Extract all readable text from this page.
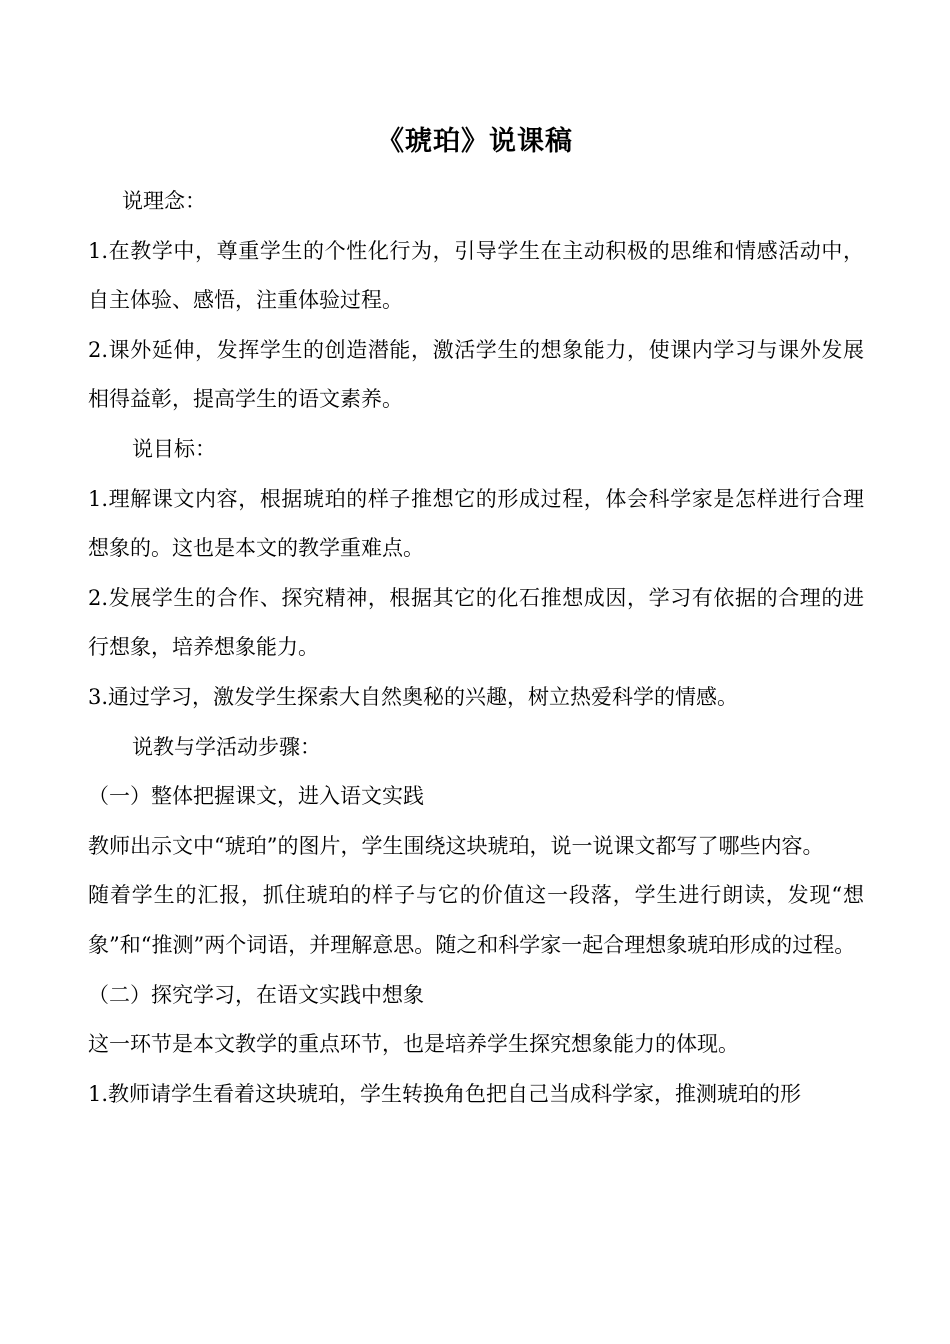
《琥珀》说课稿

说理念：

1.在教学中，尊重学生的个性化行为，引导学生在主动积极的思维和情感活动中，自主体验、感悟，注重体验过程。

2.课外延伸，发挥学生的创造潜能，激活学生的想象能力，使课内学习与课外发展相得益彰，提高学生的语文素养。

说目标：

1.理解课文内容，根据琥珀的样子推想它的形成过程，体会科学家是怎样进行合理想象的。这也是本文的教学重难点。

2.发展学生的合作、探究精神，根据其它的化石推想成因，学习有依据的合理的进行想象，培养想象能力。

3.通过学习，激发学生探索大自然奥秘的兴趣，树立热爱科学的情感。

说教与学活动步骤：

（一）整体把握课文，进入语文实践

教师出示文中“琥珀”的图片，学生围绕这块琥珀，说一说课文都写了哪些内容。

随着学生的汇报，抓住琥珀的样子与它的价值这一段落，学生进行朗读，发现“想象”和“推测”两个词语，并理解意思。随之和科学家一起合理想象琥珀形成的过程。

（二）探究学习，在语文实践中想象

这一环节是本文教学的重点环节，也是培养学生探究想象能力的体现。

1.教师请学生看着这块琥珀，学生转换角色把自己当成科学家，推测琥珀的形
